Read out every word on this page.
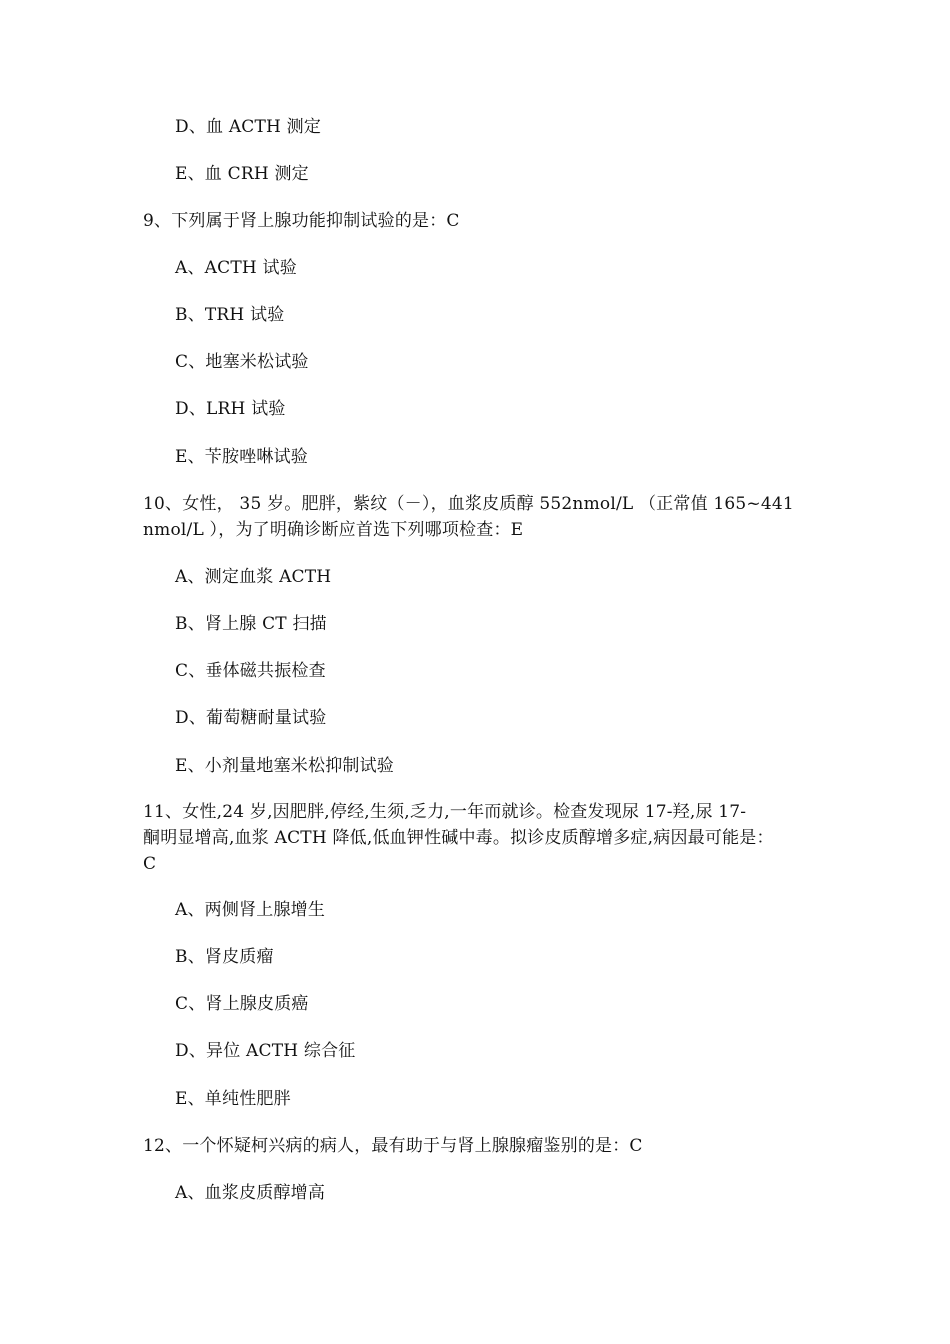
D、血 ACTH 测定
E、血 CRH 测定
9、下列属于肾上腺功能抑制试验的是：C
A、ACTH 试验
B、TRH 试验
C、地塞米松试验
D、LRH 试验
E、苄胺唑啉试验
10、女性， 35 岁。肥胖，紫纹（－），血浆皮质醇 552nmol/L （正常值 165~441
nmol/L ），为了明确诊断应首选下列哪项检查：E
A、测定血浆 ACTH
B、肾上腺 CT 扫描
C、垂体磁共振检查
D、葡萄糖耐量试验
E、小剂量地塞米松抑制试验
11、女性,24 岁,因肥胖,停经,生须,乏力,一年而就诊。检查发现尿 17-羟,尿 17-
酮明显增高,血浆 ACTH 降低,低血钾性碱中毒。拟诊皮质醇增多症,病因最可能是：
C
A、两侧肾上腺增生
B、肾皮质瘤
C、肾上腺皮质癌
D、异位 ACTH 综合征
E、单纯性肥胖
12、一个怀疑柯兴病的病人，最有助于与肾上腺腺瘤鉴别的是：C
A、血浆皮质醇增高
